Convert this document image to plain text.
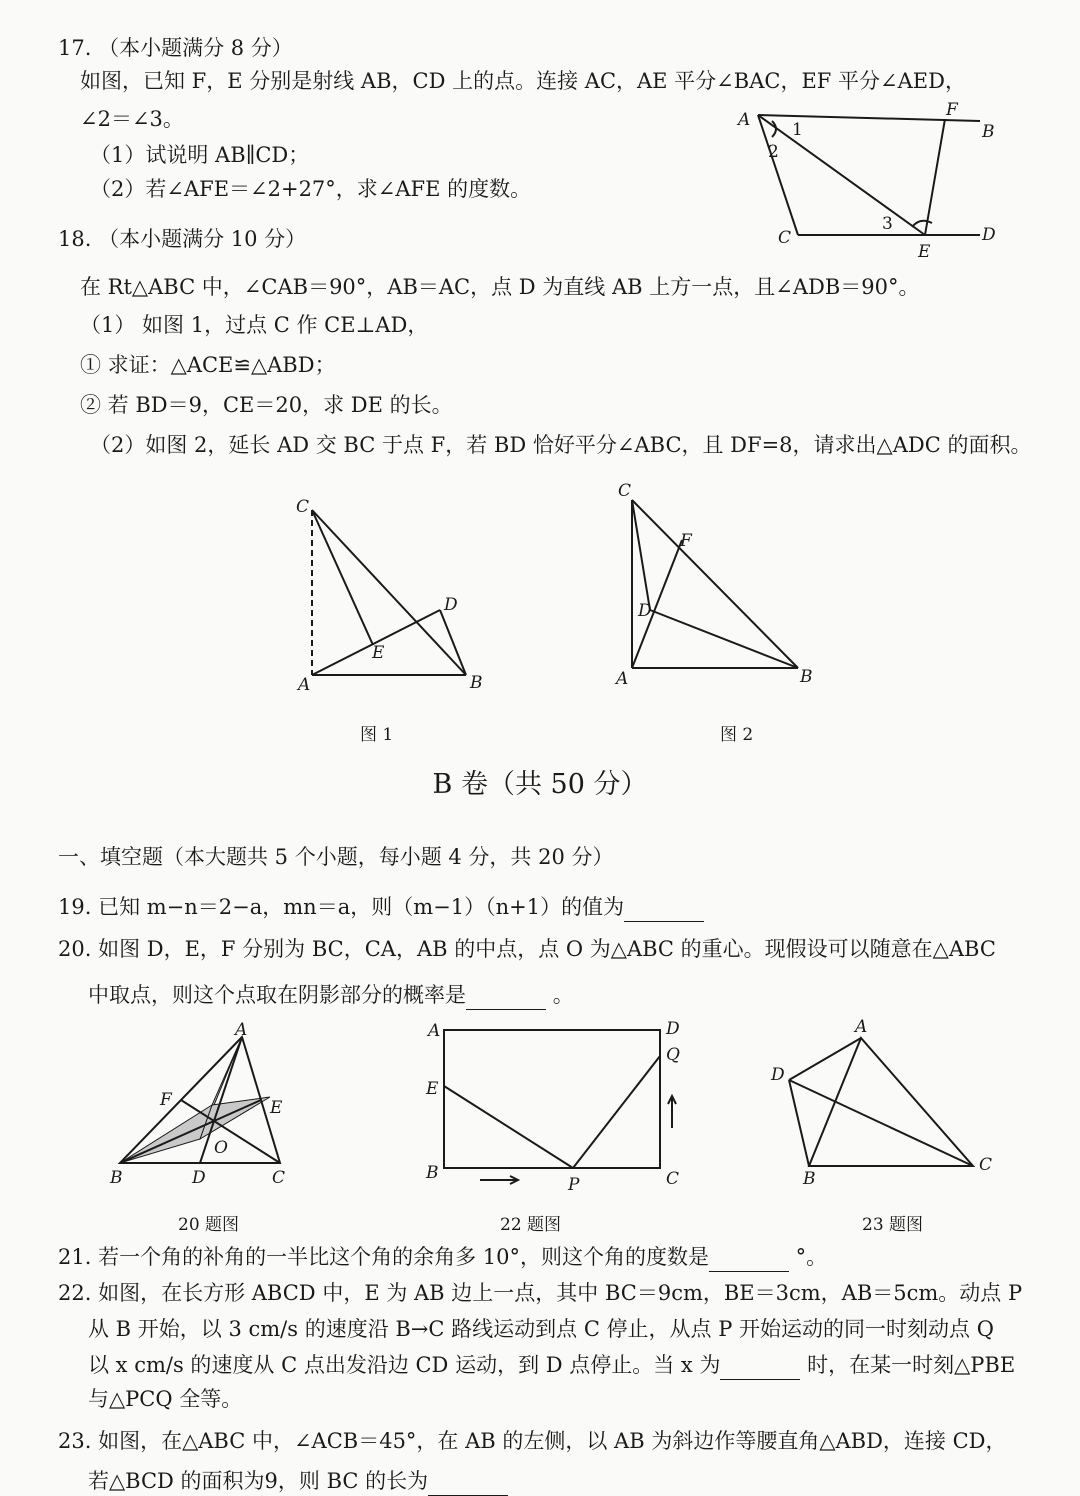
17. （本小题满分 8 分）
如图，已知 F，E 分别是射线 AB，CD 上的点。连接 AC，AE 平分∠BAC，EF 平分∠AED，
∠2＝∠3。
（1）试说明 AB∥CD；
（2）若∠AFE＝∠2+27°，求∠AFE 的度数。
A
B
C	D
E
F
1
2
3
18. （本小题满分 10 分）
在 Rt△ABC 中，∠CAB＝90°，AB＝AC，点 D 为直线 AB 上方一点，且∠ADB＝90°。
（1） 如图 1，过点 C 作 CE⊥AD，
① 求证：△ACE≌△ABD；
② 若 BD＝9，CE＝20，求 DE 的长。
（2）如图 2，延长 AD 交 BC 于点 F，若 BD 恰好平分∠ABC，且 DF=8，请求出△ADC 的面积。
C
A	B
D
E
图 1
C
A	B
D
F
图 2
B 卷（共 50 分）
一、填空题（本大题共 5 个小题，每小题 4 分，共 20 分）
19. 已知 m−n＝2−a，mn＝a，则（m−1）（n+1）的值为
20. 如图 D，E，F 分别为 BC，CA，AB 的中点，点 O 为△ABC 的重心。现假设可以随意在△ABC
中取点，则这个点取在阴影部分的概率是	。
A
B	C
D
E
F
O
20 题图
A
B	C
D
E
P
Q
22 题图
A
B
C
D
23 题图
21. 若一个角的补角的一半比这个角的余角多 10°，则这个角的度数是	°。
22. 如图，在长方形 ABCD 中，E 为 AB 边上一点，其中 BC＝9cm，BE＝3cm，AB＝5cm。动点 P
从 B 开始，以 3 cm/s 的速度沿 B→C 路线运动到点 C 停止，从点 P 开始运动的同一时刻动点 Q
以 x cm/s 的速度从 C 点出发沿边 CD 运动，到 D 点停止。当 x 为	时，在某一时刻△PBE
与△PCQ 全等。
23. 如图，在△ABC 中，∠ACB＝45°，在 AB 的左侧，以 AB 为斜边作等腰直角△ABD，连接 CD，
若△BCD 的面积为9，则 BC 的长为
